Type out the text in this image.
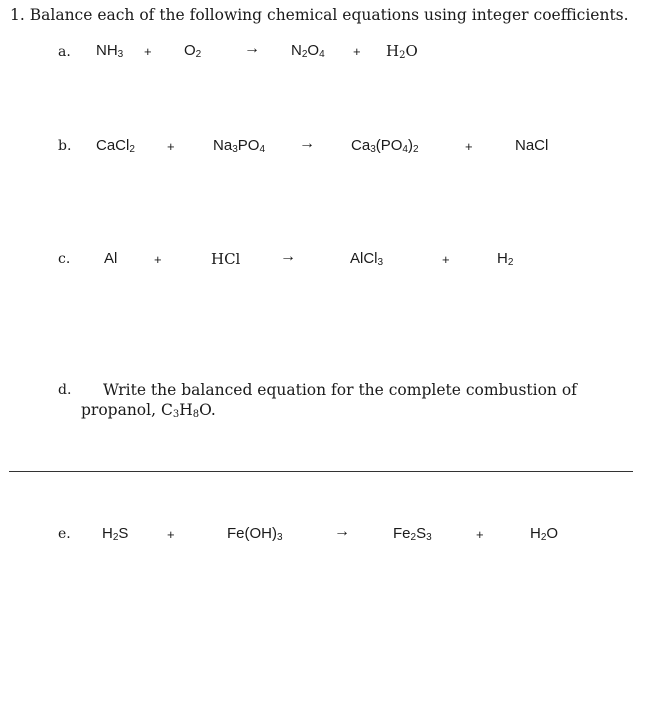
1. Balance each of the following chemical equations using integer coefficients.
a. $NH_3 + O_2$	→ $N_2O_4 + H_2O$
b. CaCl$_2$ +	$Na_3PO_4 \to Ca_3(PO_4)_2$	+	NaCl
c. Al	+	HCl →	AlCl$_3$	+	$H_2$
d. Write the balanced equation for the complete combustion of
propanol, $C_3H_8O$.
e. $H_2S$	+	$Fe(OH)_3$	→	$Fe_2S_3$	+	$H_2O$
